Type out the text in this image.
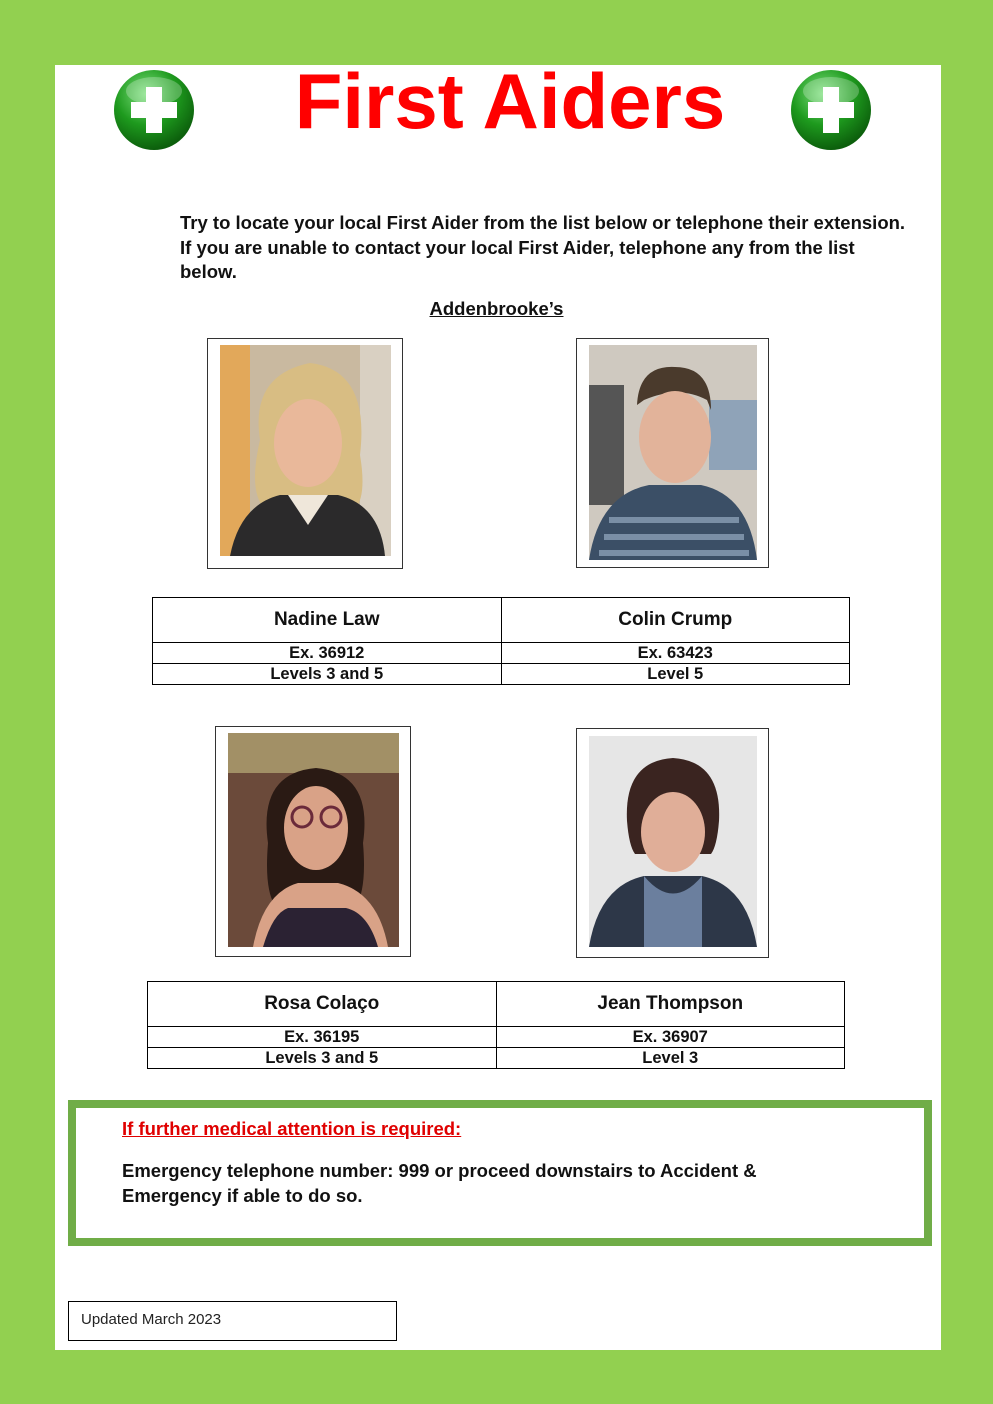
First Aiders
Try to locate your local First Aider from the list below or telephone their extension. If you are unable to contact your local First Aider, telephone any from the list below.
Addenbrooke’s
Nadine Law	Colin Crump
Ex. 36912	Ex. 63423
Levels 3 and 5	Level 5
Rosa Colaço	Jean Thompson
Ex. 36195	Ex. 36907
Levels 3 and 5	Level 3
If further medical attention is required:
Emergency telephone number: 999 or proceed downstairs to Accident & Emergency if able to do so.
Updated March 2023
